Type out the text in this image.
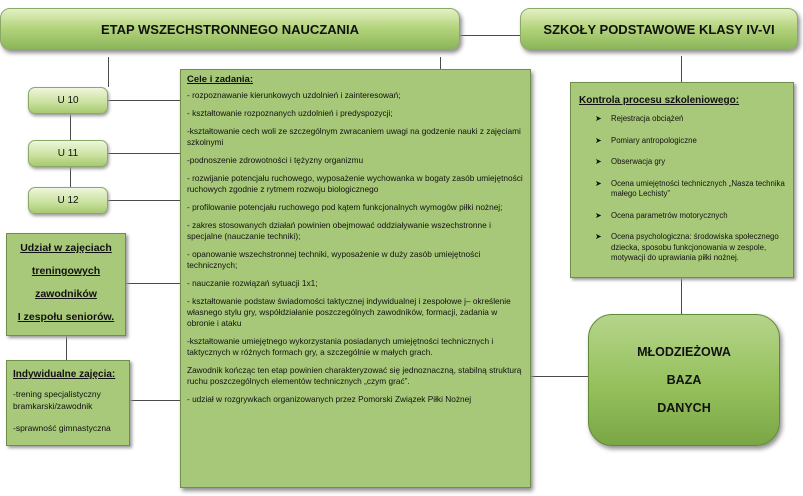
ETAP WSZECHSTRONNEGO NAUCZANIA	SZKOŁY PODSTAWOWE KLASY IV-VI
U 10
U 11
U 12
Udział w zajęciach
treningowych
zawodników
I zespołu seniorów.
Indywidualne zajęcia:
-trening specjalistyczny bramkarski/zawodnik
-sprawność gimnastyczna
Cele i zadania:

- rozpoznawanie kierunkowych uzdolnień i zainteresowań;

- kształtowanie rozpoznanych uzdolnień i predyspozycji;

-kształtowanie cech woli ze szczególnym zwracaniem uwagi na godzenie nauki z zajęciami szkolnymi

-podnoszenie zdrowotności i tężyzny organizmu

- rozwijanie potencjału ruchowego, wyposażenie wychowanka w bogaty zasób umiejętności ruchowych zgodnie z rytmem rozwoju biologicznego

- profilowanie potencjału ruchowego pod kątem funkcjonalnych wymogów piłki nożnej;

- zakres stosowanych działań powinien obejmować oddziaływanie wszechstronne i specjalne (nauczanie techniki);

- opanowanie wszechstronnej techniki, wyposażenie w duży zasób umiejętności technicznych;

- nauczanie rozwiązań sytuacji 1x1;

- kształtowanie podstaw świadomości taktycznej indywidualnej i zespołowe j– określenie własnego stylu gry, współdziałanie poszczególnych zawodników, formacji, zadania w obronie i ataku

-kształtowanie umiejętnego wykorzystania posiadanych umiejętności technicznych i taktycznych w różnych formach gry, a szczególnie w małych grach.

Zawodnik kończąc ten etap powinien charakteryzować się jednoznaczną, stabilną strukturą ruchu poszczególnych elementów technicznych „czym grać”.

- udział w rozgrywkach organizowanych przez Pomorski Związek Piłki Nożnej

Kontrola procesu szkoleniowego:
➤ Rejestracja obciążeń
➤ Pomiary antropologiczne
➤ Obserwacja gry
➤ Ocena umiejętności technicznych „Nasza technika małego Lechisty”
➤ Ocena parametrów motorycznych
➤ Ocena psychologiczna: środowiska społecznego dziecka, sposobu funkcjonowania w zespole, motywacji do uprawiania piłki nożnej.
MŁODZIEŻOWA
BAZA
DANYCH
